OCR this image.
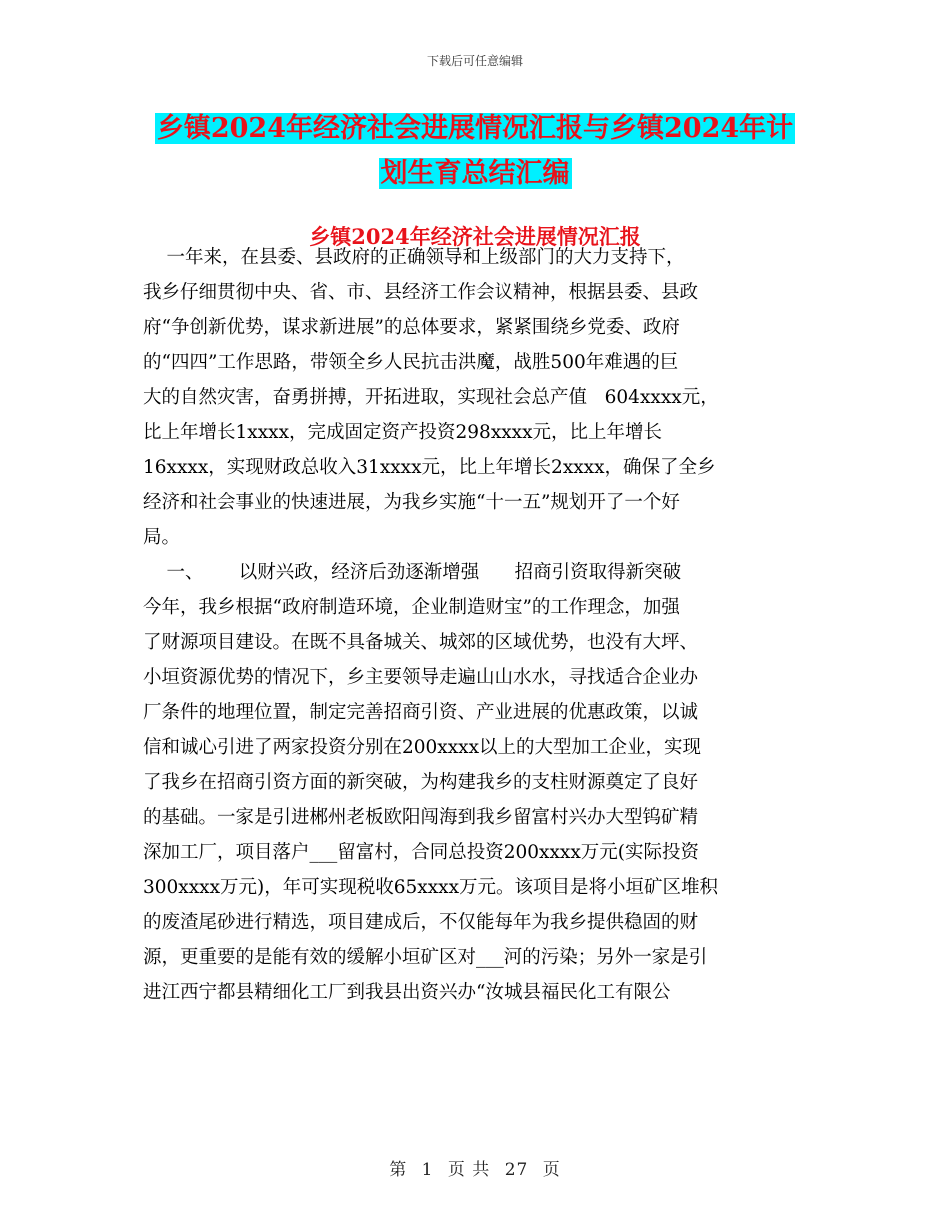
下载后可任意编辑
乡镇2024年经济社会进展情况汇报与乡镇2024年计
划生育总结汇编
乡镇2024年经济社会进展情况汇报
一年来，在县委、县政府的正确领导和上级部门的大力支持下，
我乡仔细贯彻中央、省、市、县经济工作会议精神，根据县委、县政
府“争创新优势，谋求新进展”的总体要求，紧紧围绕乡党委、政府
的“四四”工作思路，带领全乡人民抗击洪魔，战胜500年难遇的巨
大的自然灾害，奋勇拼搏，开拓进取，实现社会总产值   604xxxx元，
比上年增长1xxxx，完成固定资产投资298xxxx元，比上年增长
16xxxx，实现财政总收入31xxxx元，比上年增长2xxxx，确保了全乡
经济和社会事业的快速进展，为我乡实施“十一五”规划开了一个好
局。
一、      以财兴政，经济后劲逐渐增强      招商引资取得新突破
今年，我乡根据“政府制造环境，企业制造财宝”的工作理念，加强
了财源项目建设。在既不具备城关、城郊的区域优势，也没有大坪、
小垣资源优势的情况下，乡主要领导走遍山山水水，寻找适合企业办
厂条件的地理位置，制定完善招商引资、产业进展的优惠政策，以诚
信和诚心引进了两家投资分别在200xxxx以上的大型加工企业，实现
了我乡在招商引资方面的新突破，为构建我乡的支柱财源奠定了良好
的基础。一家是引进郴州老板欧阳闯海到我乡留富村兴办大型钨矿精
深加工厂，项目落户___留富村，合同总投资200xxxx万元(实际投资
300xxxx万元)，年可实现税收65xxxx万元。该项目是将小垣矿区堆积
的废渣尾砂进行精选，项目建成后，不仅能每年为我乡提供稳固的财
源，更重要的是能有效的缓解小垣矿区对___河的污染；另外一家是引
进江西宁都县精细化工厂到我县出资兴办“汝城县福民化工有限公
第 1 页 共 27 页
